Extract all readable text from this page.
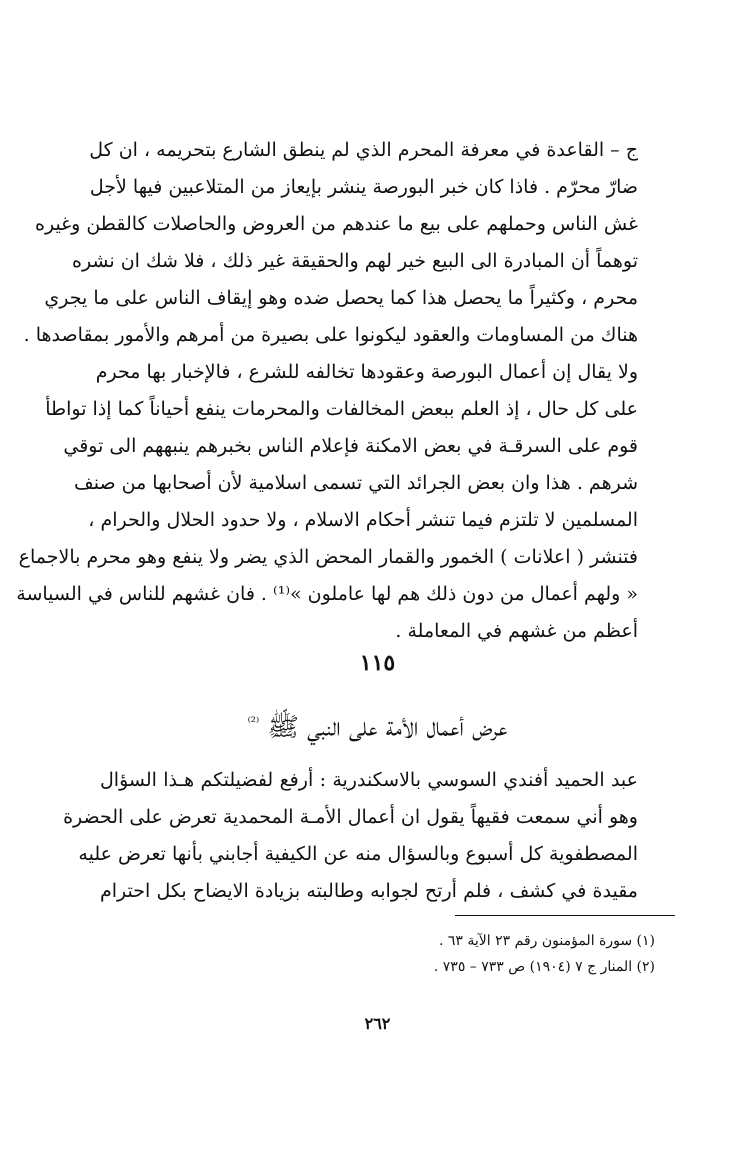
ج – القاعدة في معرفة المحرم الذي لم ينطق الشارع بتحريمه ، ان كل
ضارّ محرّم . فاذا كان خبر البورصة ينشر بإيعاز من المتلاعبين فيها لأجل
غش الناس وحملهم على بيع ما عندهم من العروض والحاصلات كالقطن وغيره
توهماً أن المبادرة الى البيع خير لهم والحقيقة غير ذلك ، فلا شك ان نشره
محرم ، وكثيراً ما يحصل هذا كما يحصل ضده وهو إيقاف الناس على ما يجري
هناك من المساومات والعقود ليكونوا على بصيرة من أمرهم والأمور بمقاصدها .
ولا يقال إن أعمال البورصة وعقودها تخالفه للشرع ، فالإخبار بها محرم
على كل حال ، إذ العلم ببعض المخالفات والمحرمات ينفع أحياناً كما إذا تواطأ
قوم على السرقـة في بعض الامكنة فإعلام الناس بخبرهم ينبههم الى توقي
شرهم . هذا وان بعض الجرائد التي تسمى اسلامية لأن أصحابها من صنف
المسلمين لا تلتزم فيما تنشر أحكام الاسلام ، ولا حدود الحلال والحرام ،
فتنشر ( اعلانات ) الخمور والقمار المحض الذي يضر ولا ينفع وهو محرم بالاجماع
« ولهم أعمال من دون ذلك هم لها عاملون »⁽¹⁾ . فان غشهم للناس في السياسة
أعظم من غشهم في المعاملة .
١١٥
عرض أعمال الأمة على النبي ﷺ $^{^{(2)}}$
عبد الحميد أفندي السوسي بالاسكندرية : أرفع لفضيلتكم هـذا السؤال
وهو أني سمعت فقيهاً يقول ان أعمال الأمـة المحمدية تعرض على الحضرة
المصطفوية كل أسبوع وبالسؤال منه عن الكيفية أجابني بأنها تعرض عليه
مقيدة في كشف ، فلم أرتح لجوابه وطالبته بزيادة الايضاح بكل احترام
(١) سورة المؤمنون رقم ٢٣ الآية ٦٣ .
(٢) المنار ج ٧ (١٩٠٤) ص ٧٣٣ – ٧٣٥ .
٢٦٢
